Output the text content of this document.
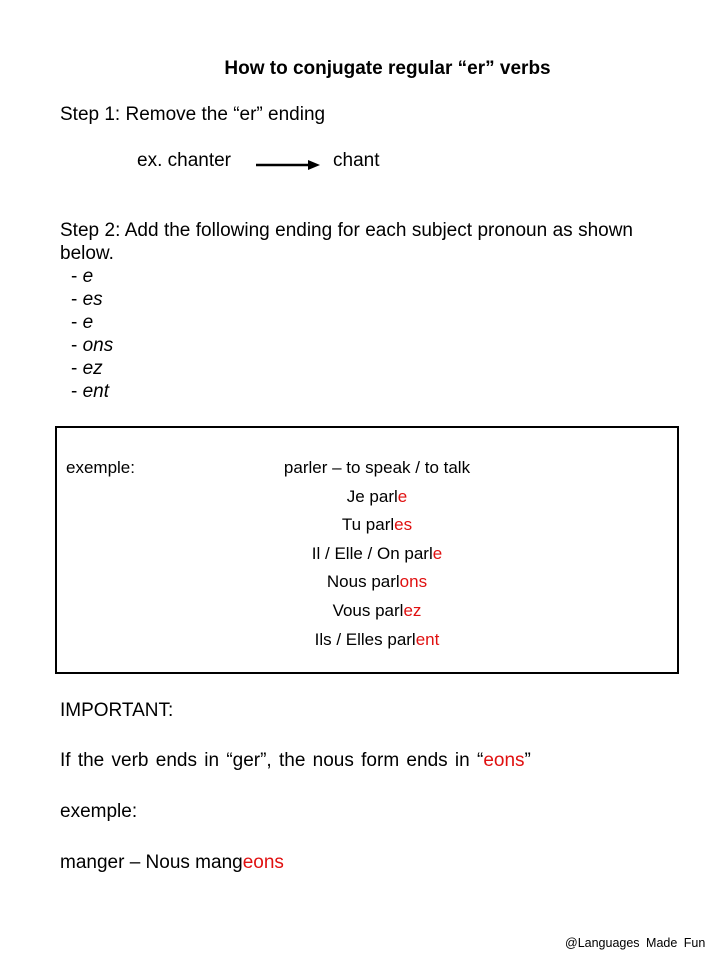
How to conjugate regular “er” verbs
Step 1: Remove the “er” ending
ex. chanter	chant
Step 2: Add the following ending for each subject pronoun as shown below.
- e
- es
- e
- ons
- ez
- ent
exemple:	parler – to speak / to talk
Je parle
Tu parles
Il / Elle / On parle
Nous parlons
Vous parlez
Ils / Elles parlent
IMPORTANT:
If the verb ends in “ger”, the nous form ends in “eons”
exemple:
manger – Nous mangeons
@Languages Made Fun
